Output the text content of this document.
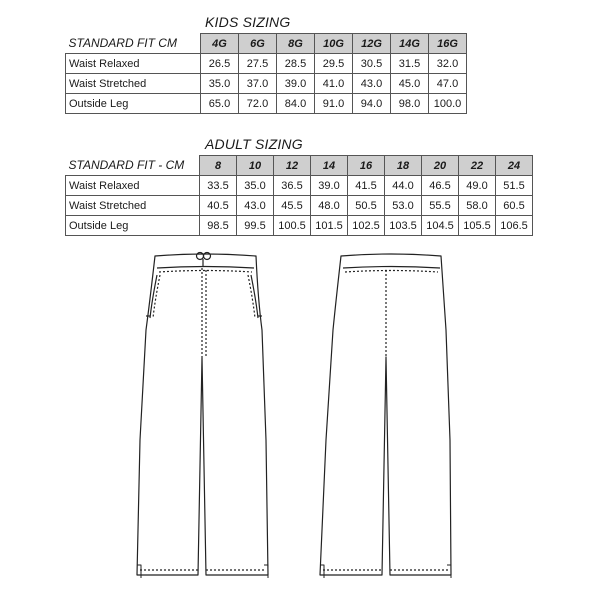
KIDS SIZING
STANDARD FIT CM	4G	6G	8G	10G	12G	14G	16G
Waist Relaxed	26.5	27.5	28.5	29.5	30.5	31.5	32.0
Waist Stretched	35.0	37.0	39.0	41.0	43.0	45.0	47.0
Outside Leg	65.0	72.0	84.0	91.0	94.0	98.0	100.0
ADULT SIZING
STANDARD FIT - CM	8	10	12	14	16	18	20	22	24
Waist Relaxed	33.5	35.0	36.5	39.0	41.5	44.0	46.5	49.0	51.5
Waist Stretched	40.5	43.0	45.5	48.0	50.5	53.0	55.5	58.0	60.5
Outside Leg	98.5	99.5	100.5	101.5	102.5	103.5	104.5	105.5	106.5
